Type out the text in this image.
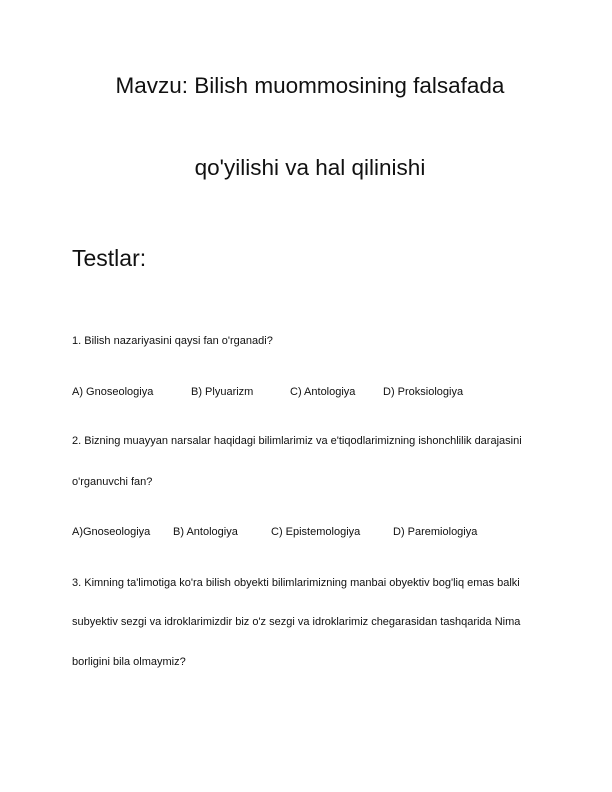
Mavzu: Bilish muommosining falsafada
qo'yilishi va hal qilinishi
Testlar:
1. Bilish nazariyasini qaysi fan o'rganadi?
A) Gnoseologiya	B) Plyuarizm	C) Antologiya	D) Proksiologiya
2. Bizning muayyan narsalar haqidagi bilimlarimiz va e'tiqodlarimizning ishonchlilik darajasini
o'rganuvchi fan?
A)Gnoseologiya B) Antologiya	C) Epistemologiya	D) Paremiologiya
3. Kimning ta'limotiga ko'ra bilish obyekti bilimlarimizning manbai obyektiv bog'liq emas balki
subyektiv sezgi va idroklarimizdir biz o'z sezgi va idroklarimiz chegarasidan tashqarida Nima
borligini bila olmaymiz?
